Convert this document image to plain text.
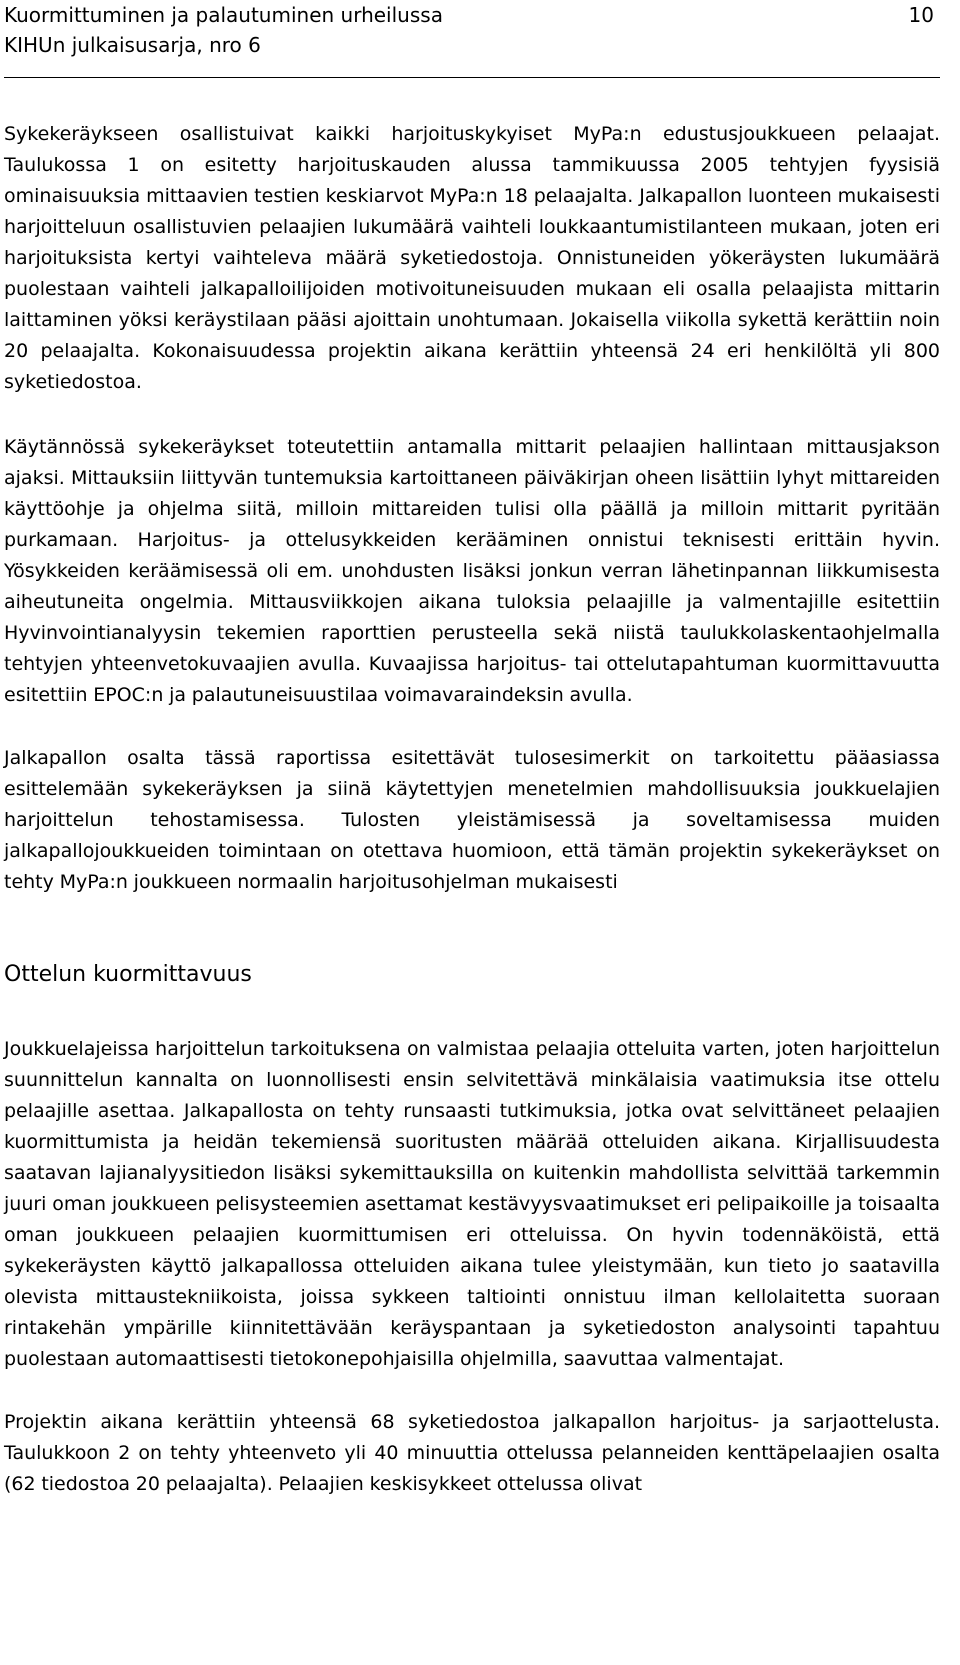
Kuormittuminen ja palautuminen urheilussa
KIHUn julkaisusarja, nro 6
10

Sykekeräykseen osallistuivat kaikki harjoituskykyiset MyPa:n edustusjoukkueen pelaajat. Taulukossa 1 on esitetty harjoituskauden alussa tammikuussa 2005 tehtyjen fyysisiä ominaisuuksia mittaavien testien keskiarvot MyPa:n 18 pelaajalta. Jalkapallon luonteen mukaisesti harjoitteluun osallistuvien pelaajien lukumäärä vaihteli loukkaantumistilanteen mukaan, joten eri harjoituksista kertyi vaihteleva määrä syketiedostoja. Onnistuneiden yökeräysten lukumäärä puolestaan vaihteli jalkapalloilijoiden motivoituneisuuden mukaan eli osalla pelaajista mittarin laittaminen yöksi keräystilaan pääsi ajoittain unohtumaan. Jokaisella viikolla sykettä kerättiin noin 20 pelaajalta. Kokonaisuudessa projektin aikana kerättiin yhteensä 24 eri henkilöltä yli 800 syketiedostoa.

Käytännössä sykekeräykset toteutettiin antamalla mittarit pelaajien hallintaan mittausjakson ajaksi. Mittauksiin liittyvän tuntemuksia kartoittaneen päiväkirjan oheen lisättiin lyhyt mittareiden käyttöohje ja ohjelma siitä, milloin mittareiden tulisi olla päällä ja milloin mittarit pyritään purkamaan. Harjoitus- ja ottelusykkeiden kerääminen onnistui teknisesti erittäin hyvin. Yösykkeiden keräämisessä oli em. unohdusten lisäksi jonkun verran lähetinpannan liikkumisesta aiheutuneita ongelmia. Mittausviikkojen aikana tuloksia pelaajille ja valmentajille esitettiin Hyvinvointianalyysin tekemien raporttien perusteella sekä niistä taulukkolaskentaohjelmalla tehtyjen yhteenvetokuvaajien avulla. Kuvaajissa harjoitus- tai ottelutapahtuman kuormittavuutta esitettiin EPOC:n ja palautuneisuustilaa voimavaraindeksin avulla.

Jalkapallon osalta tässä raportissa esitettävät tulosesimerkit on tarkoitettu pääasiassa esittelemään sykekeräyksen ja siinä käytettyjen menetelmien mahdollisuuksia joukkuelajien harjoittelun tehostamisessa. Tulosten yleistämisessä ja soveltamisessa muiden jalkapallojoukkueiden toimintaan on otettava huomioon, että tämän projektin sykekeräykset on tehty MyPa:n joukkueen normaalin harjoitusohjelman mukaisesti

Ottelun kuormittavuus

Joukkuelajeissa harjoittelun tarkoituksena on valmistaa pelaajia otteluita varten, joten harjoittelun suunnittelun kannalta on luonnollisesti ensin selvitettävä minkälaisia vaatimuksia itse ottelu pelaajille asettaa. Jalkapallosta on tehty runsaasti tutkimuksia, jotka ovat selvittäneet pelaajien kuormittumista ja heidän tekemiensä suoritusten määrää otteluiden aikana. Kirjallisuudesta saatavan lajianalyysitiedon lisäksi sykemittauksilla on kuitenkin mahdollista selvittää tarkemmin juuri oman joukkueen pelisysteemien asettamat kestävyysvaatimukset eri pelipaikoille ja toisaalta oman joukkueen pelaajien kuormittumisen eri otteluissa. On hyvin todennäköistä, että sykekeräysten käyttö jalkapallossa otteluiden aikana tulee yleistymään, kun tieto jo saatavilla olevista mittaustekniikoista, joissa sykkeen taltiointi onnistuu ilman kellolaitetta suoraan rintakehän ympärille kiinnitettävään keräyspantaan ja syketiedoston analysointi tapahtuu puolestaan automaattisesti tietokonepohjaisilla ohjelmilla, saavuttaa valmentajat.

Projektin aikana kerättiin yhteensä 68 syketiedostoa jalkapallon harjoitus- ja sarjaottelusta. Taulukkoon 2 on tehty yhteenveto yli 40 minuuttia ottelussa pelanneiden kenttäpelaajien osalta (62 tiedostoa 20 pelaajalta). Pelaajien keskisykkeet ottelussa olivat
